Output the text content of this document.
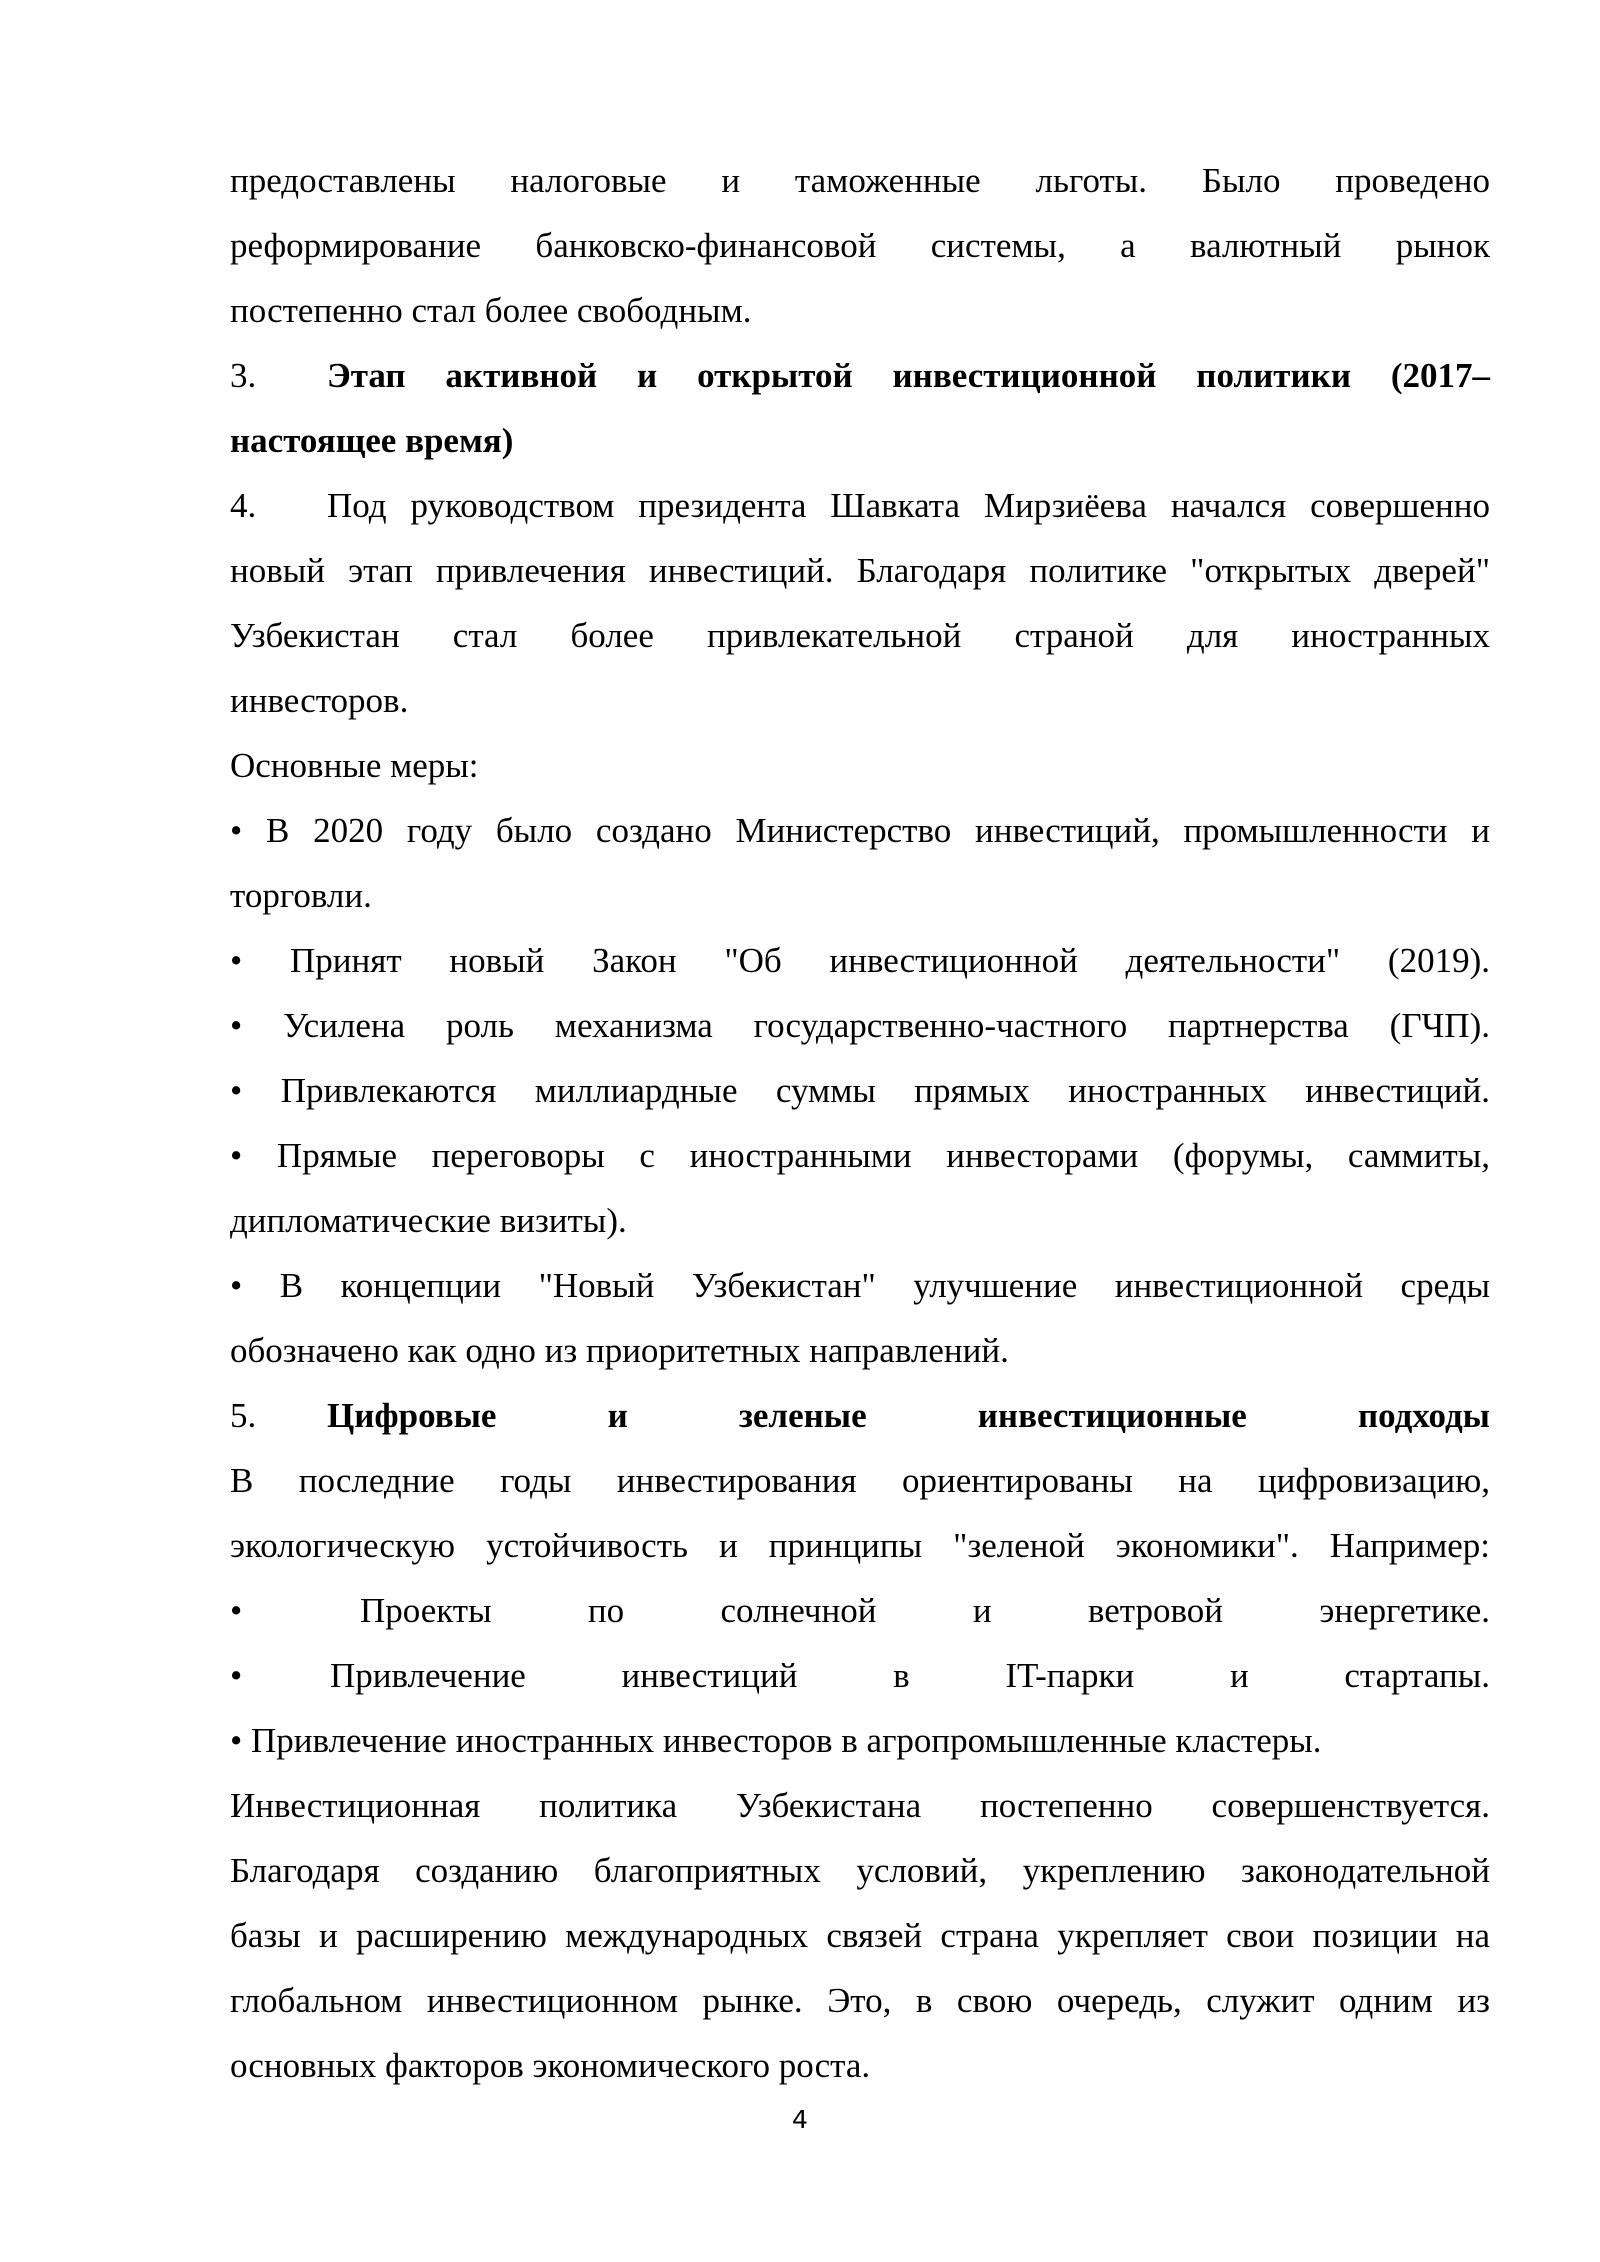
предоставлены налоговые и таможенные льготы. Было проведено

реформирование банковско-финансовой системы, а валютный рынок

постепенно стал более свободным.

3. Этап активной и открытой инвестиционной политики (2017–

настоящее время)

4. Под руководством президента Шавката Мирзиёева начался совершенно

новый этап привлечения инвестиций. Благодаря политике "открытых дверей"

Узбекистан стал более привлекательной страной для иностранных

инвесторов.

Основные меры:

• В 2020 году было создано Министерство инвестиций, промышленности и

торговли.

• Принят новый Закон "Об инвестиционной деятельности" (2019).

• Усилена роль механизма государственно-частного партнерства (ГЧП).

• Привлекаются миллиардные суммы прямых иностранных инвестиций.

• Прямые переговоры с иностранными инвесторами (форумы, саммиты,

дипломатические визиты).

• В концепции "Новый Узбекистан" улучшение инвестиционной среды

обозначено как одно из приоритетных направлений.

5. Цифровые и зеленые инвестиционные подходы

В последние годы инвестирования ориентированы на цифровизацию,

экологическую устойчивость и принципы "зеленой экономики". Например:

•	Проекты по солнечной и ветровой энергетике.
•	Привлечение инвестиций в IT-парки и стартапы.

• Привлечение иностранных инвесторов в агропромышленные кластеры.

Инвестиционная политика Узбекистана постепенно совершенствуется.

Благодаря созданию благоприятных условий, укреплению законодательной

базы и расширению международных связей страна укрепляет свои позиции на

глобальном инвестиционном рынке. Это, в свою очередь, служит одним из

основных факторов экономического роста.

4
